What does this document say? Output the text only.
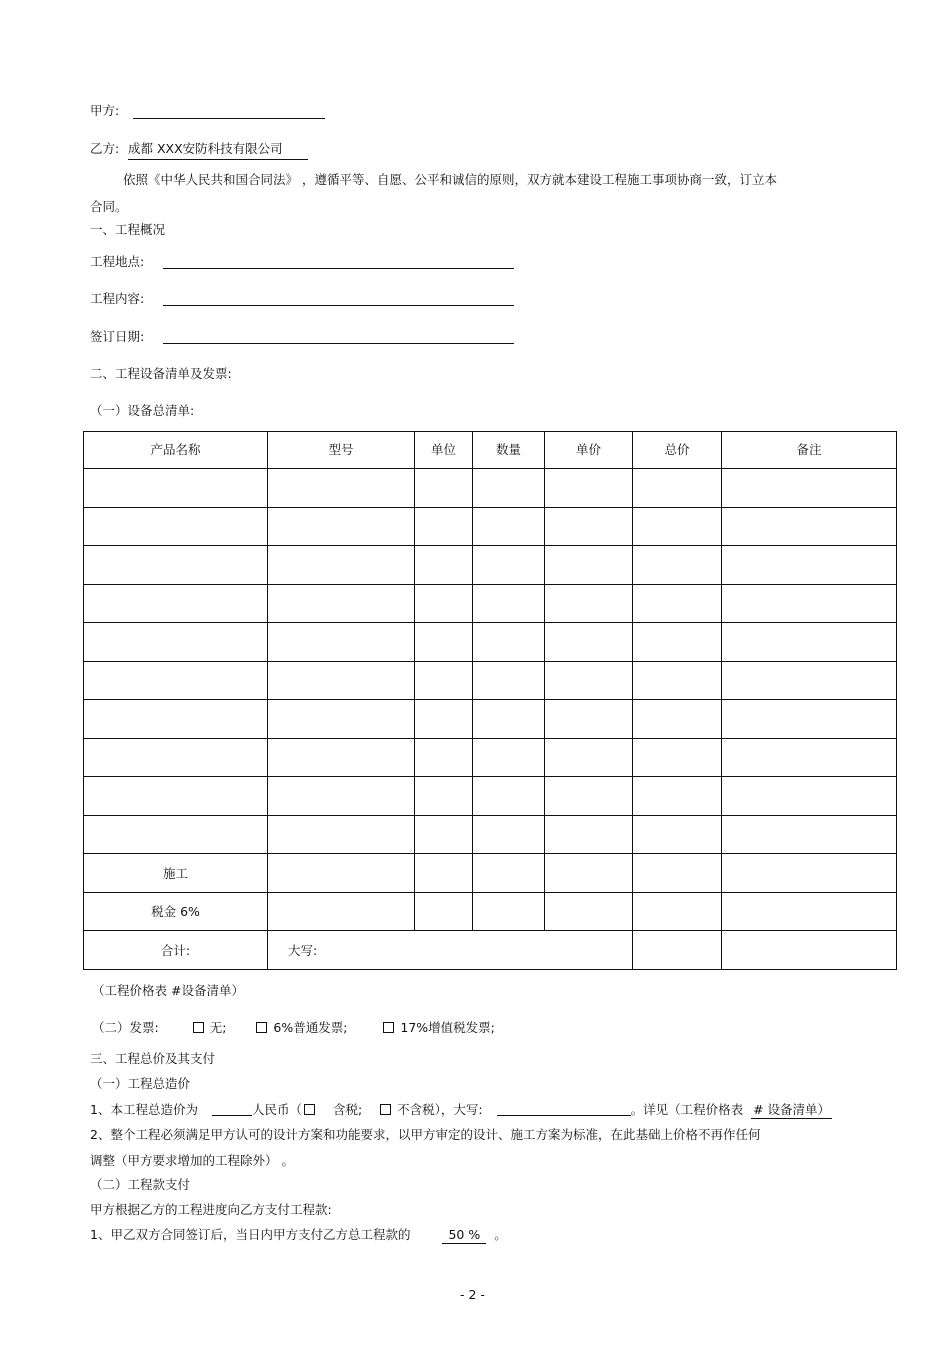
甲方:
乙方: 成都 XXX安防科技有限公司
依照《中华人民共和国合同法》 ，遵循平等、自愿、公平和诚信的原则，双方就本建设工程施工事项协商一致，订立本
合同。
一、工程概况
工程地点:
工程内容:
签订日期:
二、工程设备清单及发票:
（一）设备总清单:
产品名称	型号	单位	数量	单价	总价	备注

施工						
税金 6%						
合计:	大写:					
（工程价格表 #设备清单）
（二）发票:	无;	6%普通发票;	17%增值税发票;
三、工程总价及其支付
（一）工程总造价
1、本工程总造价为	人民币（ 含税;	不含税），大写:	。详见（工程价格表 # 设备清单）
2、整个工程必须满足甲方认可的设计方案和功能要求，以甲方审定的设计、施工方案为标准，在此基础上价格不再作任何
调整（甲方要求增加的工程除外） 。
（二）工程款支付
甲方根据乙方的工程进度向乙方支付工程款:
1、甲乙双方合同签订后，当日内甲方支付乙方总工程款的	50 % 。
- 2 -
